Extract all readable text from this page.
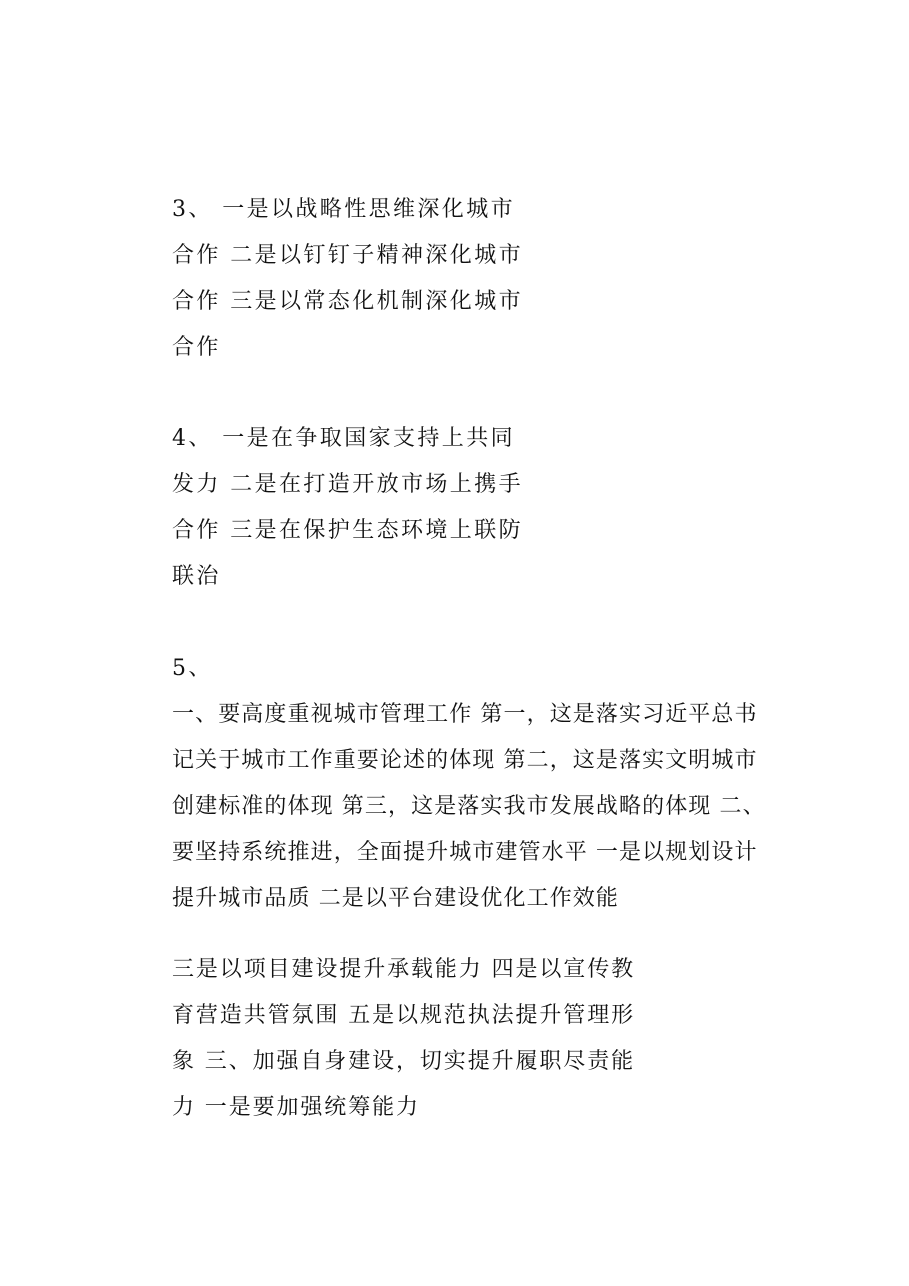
3、 一是以战略性思维深化城市
合作 二是以钉钉子精神深化城市
合作 三是以常态化机制深化城市
合作
4、 一是在争取国家支持上共同
发力 二是在打造开放市场上携手
合作 三是在保护生态环境上联防
联治
5、
一、要高度重视城市管理工作 第一，这是落实习近平总书
记关于城市工作重要论述的体现 第二，这是落实文明城市
创建标准的体现 第三，这是落实我市发展战略的体现 二、
要坚持系统推进，全面提升城市建管水平 一是以规划设计
提升城市品质 二是以平台建设优化工作效能
三是以项目建设提升承载能力 四是以宣传教
育营造共管氛围 五是以规范执法提升管理形
象 三、加强自身建设，切实提升履职尽责能
力 一是要加强统筹能力
